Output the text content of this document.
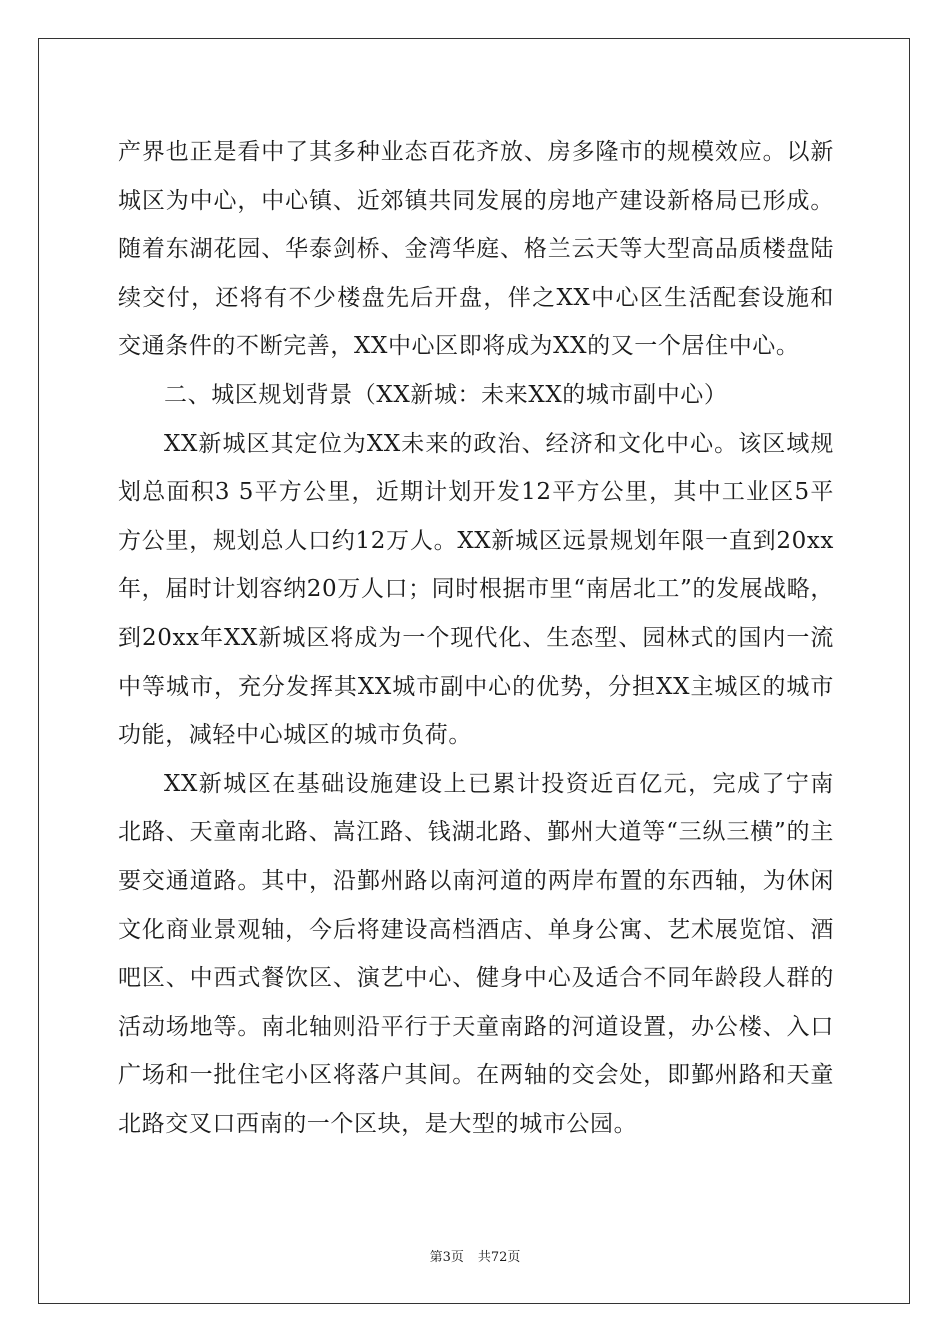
产界也正是看中了其多种业态百花齐放、房多隆市的规模效应。以新城区为中心，中心镇、近郊镇共同发展的房地产建设新格局已形成。随着东湖花园、华泰剑桥、金湾华庭、格兰云天等大型高品质楼盘陆续交付，还将有不少楼盘先后开盘，伴之XX中心区生活配套设施和交通条件的不断完善，XX中心区即将成为XX的又一个居住中心。

二、城区规划背景（XX新城：未来XX的城市副中心）

XX新城区其定位为XX未来的政治、经济和文化中心。该区域规划总面积3 5平方公里，近期计划开发12平方公里，其中工业区5平方公里，规划总人口约12万人。XX新城区远景规划年限一直到20xx年，届时计划容纳20万人口；同时根据市里“南居北工”的发展战略，到20xx年XX新城区将成为一个现代化、生态型、园林式的国内一流中等城市，充分发挥其XX城市副中心的优势，分担XX主城区的城市功能，减轻中心城区的城市负荷。

XX新城区在基础设施建设上已累计投资近百亿元，完成了宁南北路、天童南北路、嵩江路、钱湖北路、鄞州大道等“三纵三横”的主要交通道路。其中，沿鄞州路以南河道的两岸布置的东西轴，为休闲文化商业景观轴，今后将建设高档酒店、单身公寓、艺术展览馆、酒吧区、中西式餐饮区、演艺中心、健身中心及适合不同年龄段人群的活动场地等。南北轴则沿平行于天童南路的河道设置，办公楼、入口广场和一批住宅小区将落户其间。在两轴的交会处，即鄞州路和天童北路交叉口西南的一个区块，是大型的城市公园。

第3页 共72页
